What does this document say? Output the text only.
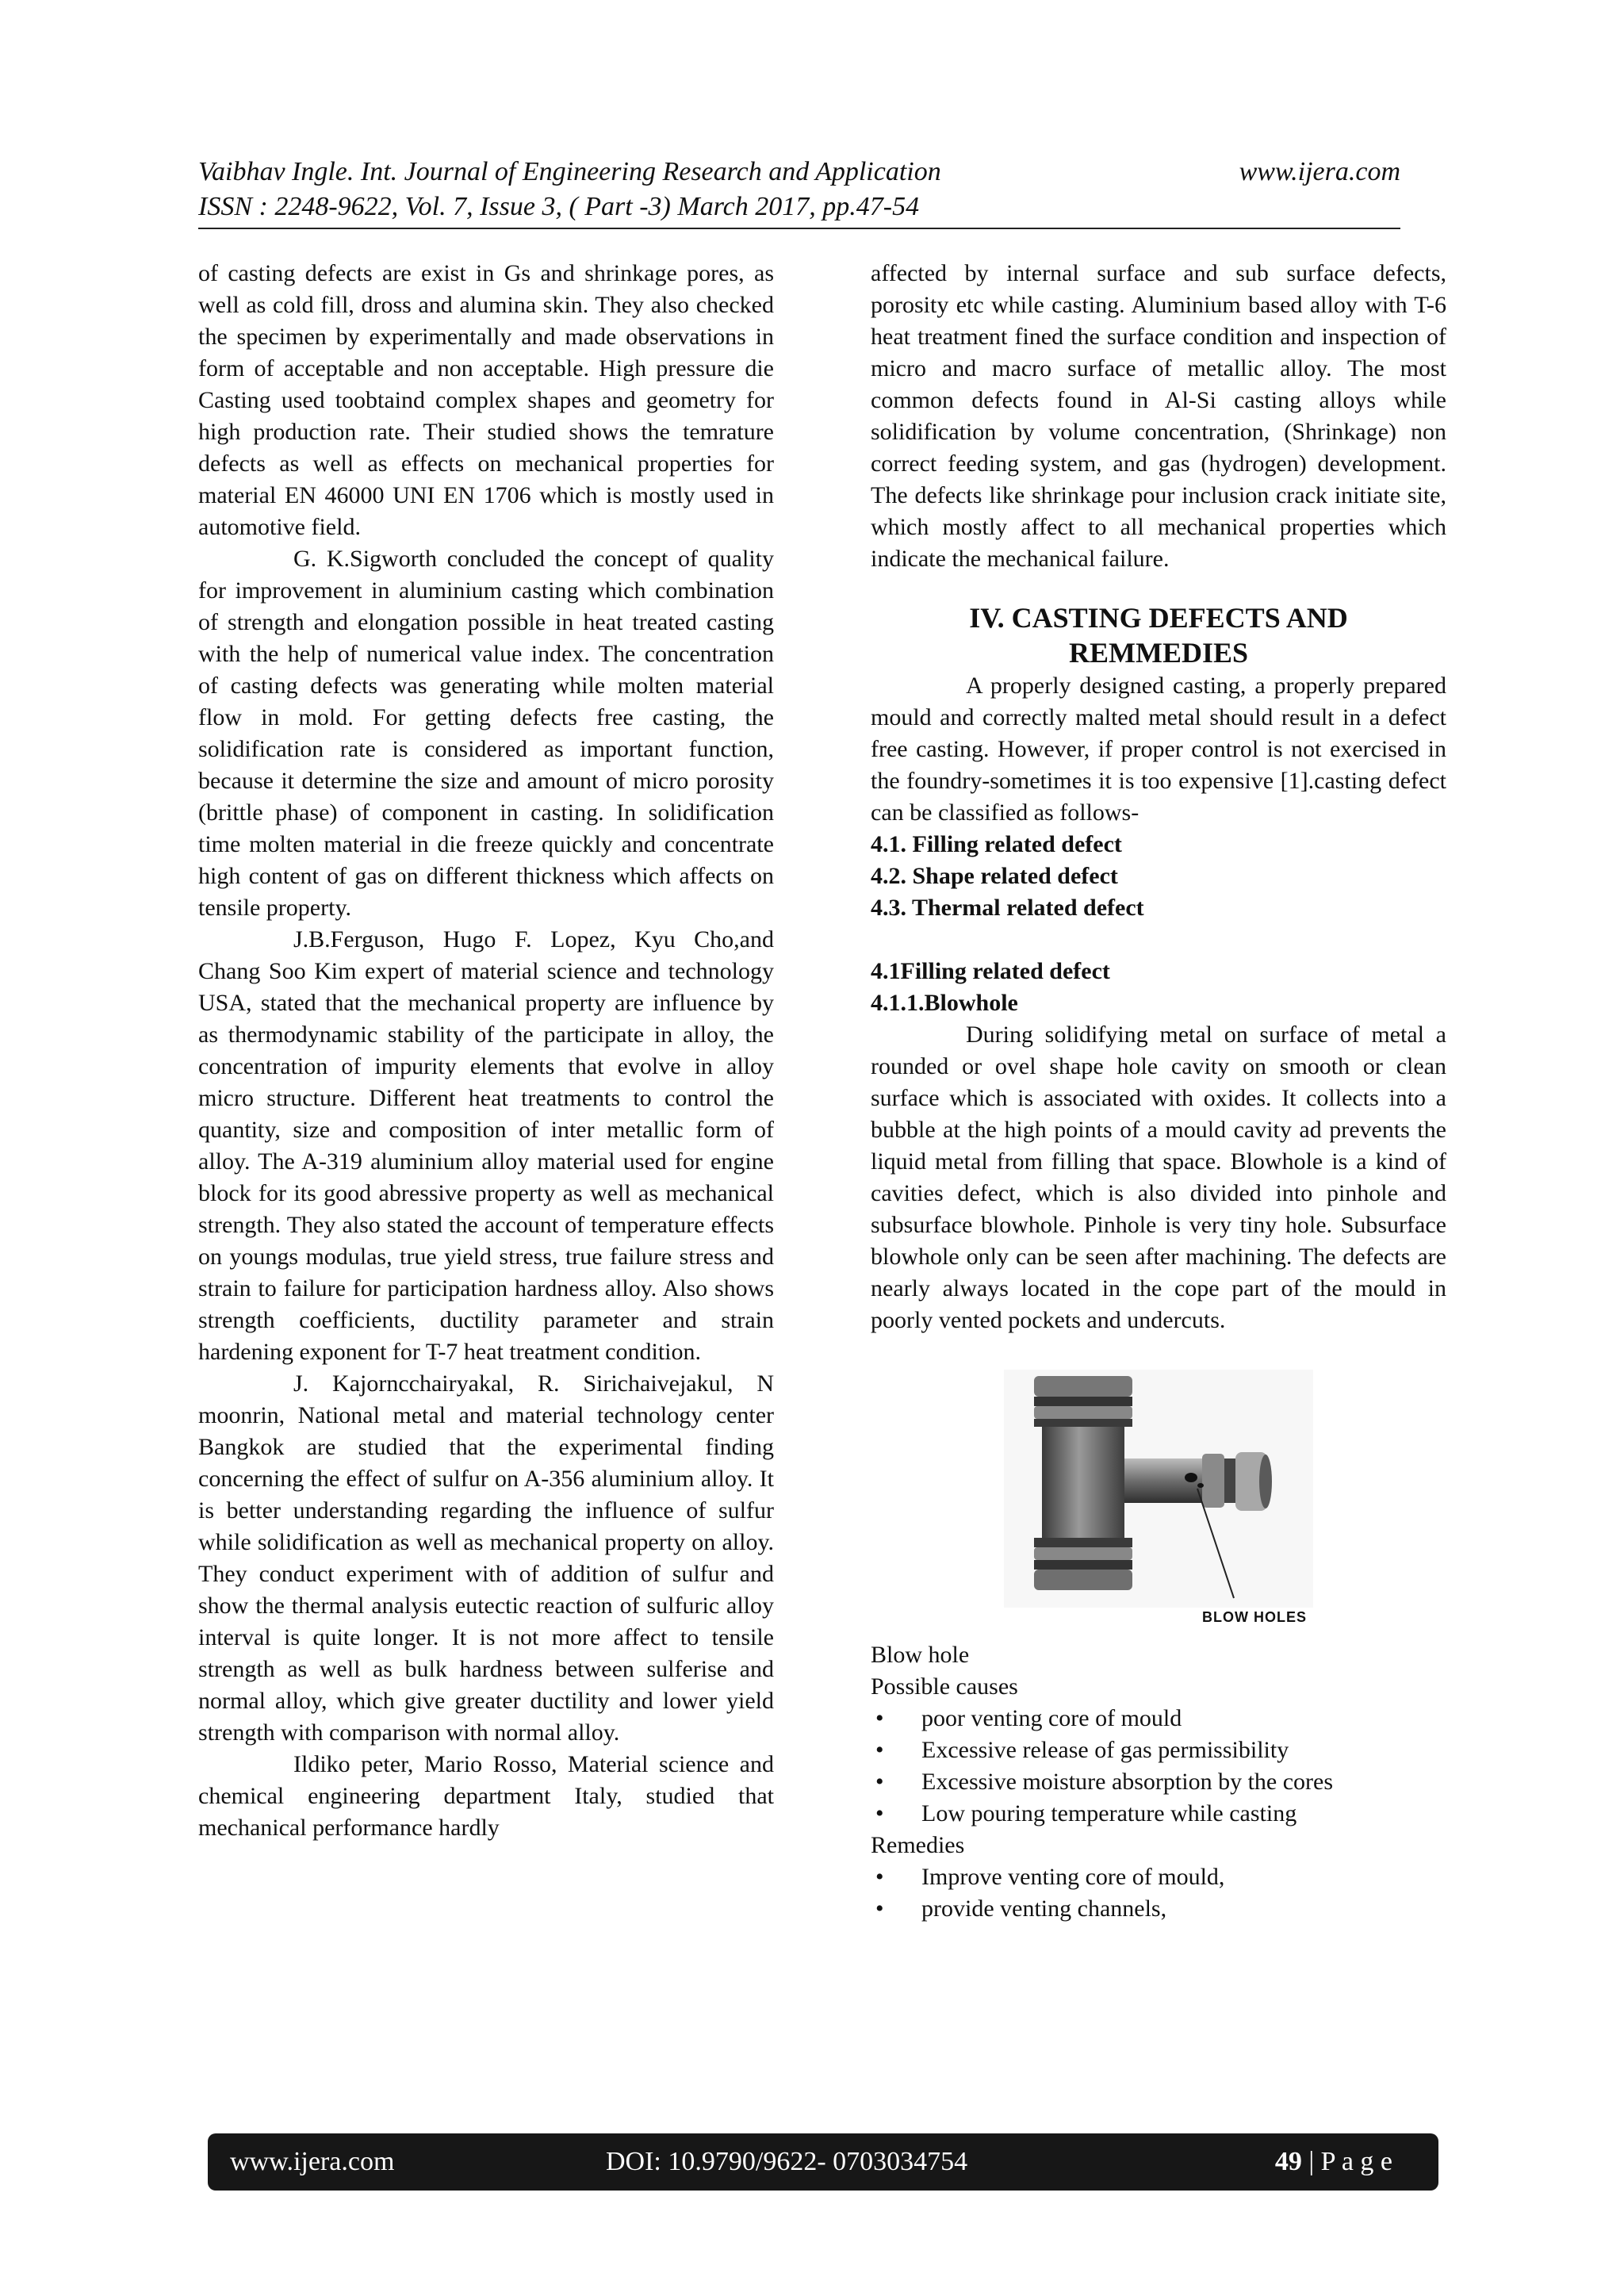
Vaibhav Ingle. Int. Journal of Engineering Research and Application	www.ijera.com
ISSN : 2248-9622, Vol. 7, Issue 3, ( Part -3) March 2017, pp.47-54

of casting defects are exist in Gs and shrinkage pores, as well as cold fill, dross and alumina skin. They also checked the specimen by experimentally and made observations in form of acceptable and non acceptable. High pressure die Casting used toobtaind complex shapes and geometry for high production rate. Their studied shows the temrature defects as well as effects on mechanical properties for material EN 46000 UNI EN 1706 which is mostly used in automotive field.

G. K.Sigworth concluded the concept of quality for improvement in aluminium casting which combination of strength and elongation possible in heat treated casting with the help of numerical value index. The concentration of casting defects was generating while molten material flow in mold. For getting defects free casting, the solidification rate is considered as important function, because it determine the size and amount of micro porosity (brittle phase) of component in casting. In solidification time molten material in die freeze quickly and concentrate high content of gas on different thickness which affects on tensile property.

J.B.Ferguson, Hugo F. Lopez, Kyu Cho,and Chang Soo Kim expert of material science and technology USA, stated that the mechanical property are influence by as thermodynamic stability of the participate in alloy, the concentration of impurity elements that evolve in alloy micro structure. Different heat treatments to control the quantity, size and composition of inter metallic form of alloy. The A-319 aluminium alloy material used for engine block for its good abressive property as well as mechanical strength. They also stated the account of temperature effects on youngs modulas, true yield stress, true failure stress and strain to failure for participation hardness alloy. Also shows strength coefficients, ductility parameter and strain hardening exponent for T-7 heat treatment condition.

J. Kajorncchairyakal, R. Sirichaivejakul, N moonrin, National metal and material technology center Bangkok are studied that the experimental finding concerning the effect of sulfur on A-356 aluminium alloy. It is better understanding regarding the influence of sulfur while solidification as well as mechanical property on alloy. They conduct experiment with of addition of sulfur and show the thermal analysis eutectic reaction of sulfuric alloy interval is quite longer. It is not more affect to tensile strength as well as bulk hardness between sulferise and normal alloy, which give greater ductility and lower yield strength with comparison with normal alloy.

Ildiko peter, Mario Rosso, Material science and chemical engineering department Italy, studied that mechanical performance hardly

affected by internal surface and sub surface defects, porosity etc while casting. Aluminium based alloy with T-6 heat treatment fined the surface condition and inspection of micro and macro surface of metallic alloy. The most common defects found in Al-Si casting alloys while solidification by volume concentration, (Shrinkage) non correct feeding system, and gas (hydrogen) development. The defects like shrinkage pour inclusion crack initiate site, which mostly affect to all mechanical properties which indicate the mechanical failure.

IV. CASTING DEFECTS AND
REMMEDIES

A properly designed casting, a properly prepared mould and correctly malted metal should result in a defect free casting. However, if proper control is not exercised in the foundry-sometimes it is too expensive [1].casting defect can be classified as follows-

4.1. Filling related defect

4.2. Shape related defect

4.3. Thermal related defect

4.1Filling related defect

4.1.1.Blowhole

During solidifying metal on surface of metal a rounded or ovel shape hole cavity on smooth or clean surface which is associated with oxides. It collects into a bubble at the high points of a mould cavity ad prevents the liquid metal from filling that space. Blowhole is a kind of cavities defect, which is also divided into pinhole and subsurface blowhole. Pinhole is very tiny hole. Subsurface blowhole only can be seen after machining. The defects are nearly always located in the cope part of the mould in poorly vented pockets and undercuts.

BLOW HOLES

Blow hole

Possible causes

• poor venting core of mould
• Excessive release of gas permissibility
• Excessive moisture absorption by the cores
• Low pouring temperature while casting

Remedies

• Improve venting core of mould,
• provide venting channels,
www.ijera.com	DOI: 10.9790/9622- 0703034754	49 | P a g e
